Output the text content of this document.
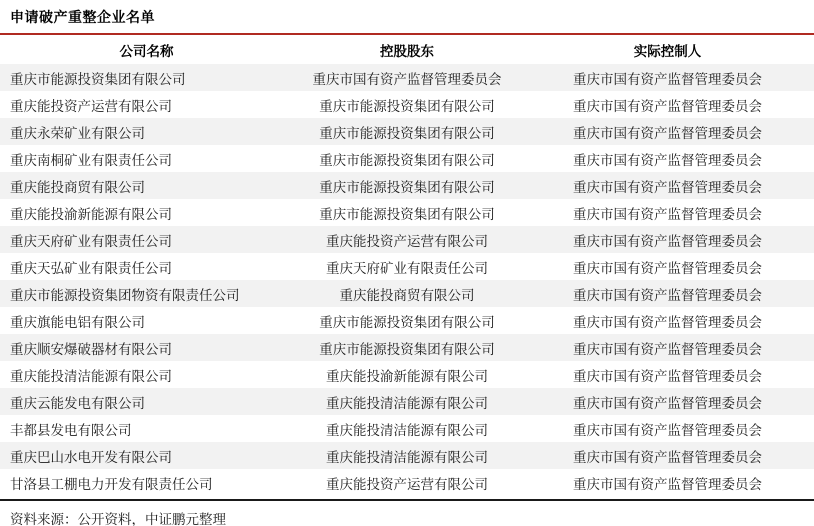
申请破产重整企业名单
公司名称	控股股东	实际控制人
重庆市能源投资集团有限公司	重庆市国有资产监督管理委员会	重庆市国有资产监督管理委员会
重庆能投资产运营有限公司	重庆市能源投资集团有限公司	重庆市国有资产监督管理委员会
重庆永荣矿业有限公司	重庆市能源投资集团有限公司	重庆市国有资产监督管理委员会
重庆南桐矿业有限责任公司	重庆市能源投资集团有限公司	重庆市国有资产监督管理委员会
重庆能投商贸有限公司	重庆市能源投资集团有限公司	重庆市国有资产监督管理委员会
重庆能投渝新能源有限公司	重庆市能源投资集团有限公司	重庆市国有资产监督管理委员会
重庆天府矿业有限责任公司	重庆能投资产运营有限公司	重庆市国有资产监督管理委员会
重庆天弘矿业有限责任公司	重庆天府矿业有限责任公司	重庆市国有资产监督管理委员会
重庆市能源投资集团物资有限责任公司	重庆能投商贸有限公司	重庆市国有资产监督管理委员会
重庆旗能电铝有限公司	重庆市能源投资集团有限公司	重庆市国有资产监督管理委员会
重庆顺安爆破器材有限公司	重庆市能源投资集团有限公司	重庆市国有资产监督管理委员会
重庆能投清洁能源有限公司	重庆能投渝新能源有限公司	重庆市国有资产监督管理委员会
重庆云能发电有限公司	重庆能投清洁能源有限公司	重庆市国有资产监督管理委员会
丰都县发电有限公司	重庆能投清洁能源有限公司	重庆市国有资产监督管理委员会
重庆巴山水电开发有限公司	重庆能投清洁能源有限公司	重庆市国有资产监督管理委员会
甘洛县工棚电力开发有限责任公司	重庆能投资产运营有限公司	重庆市国有资产监督管理委员会
资料来源：公开资料，中证鹏元整理
